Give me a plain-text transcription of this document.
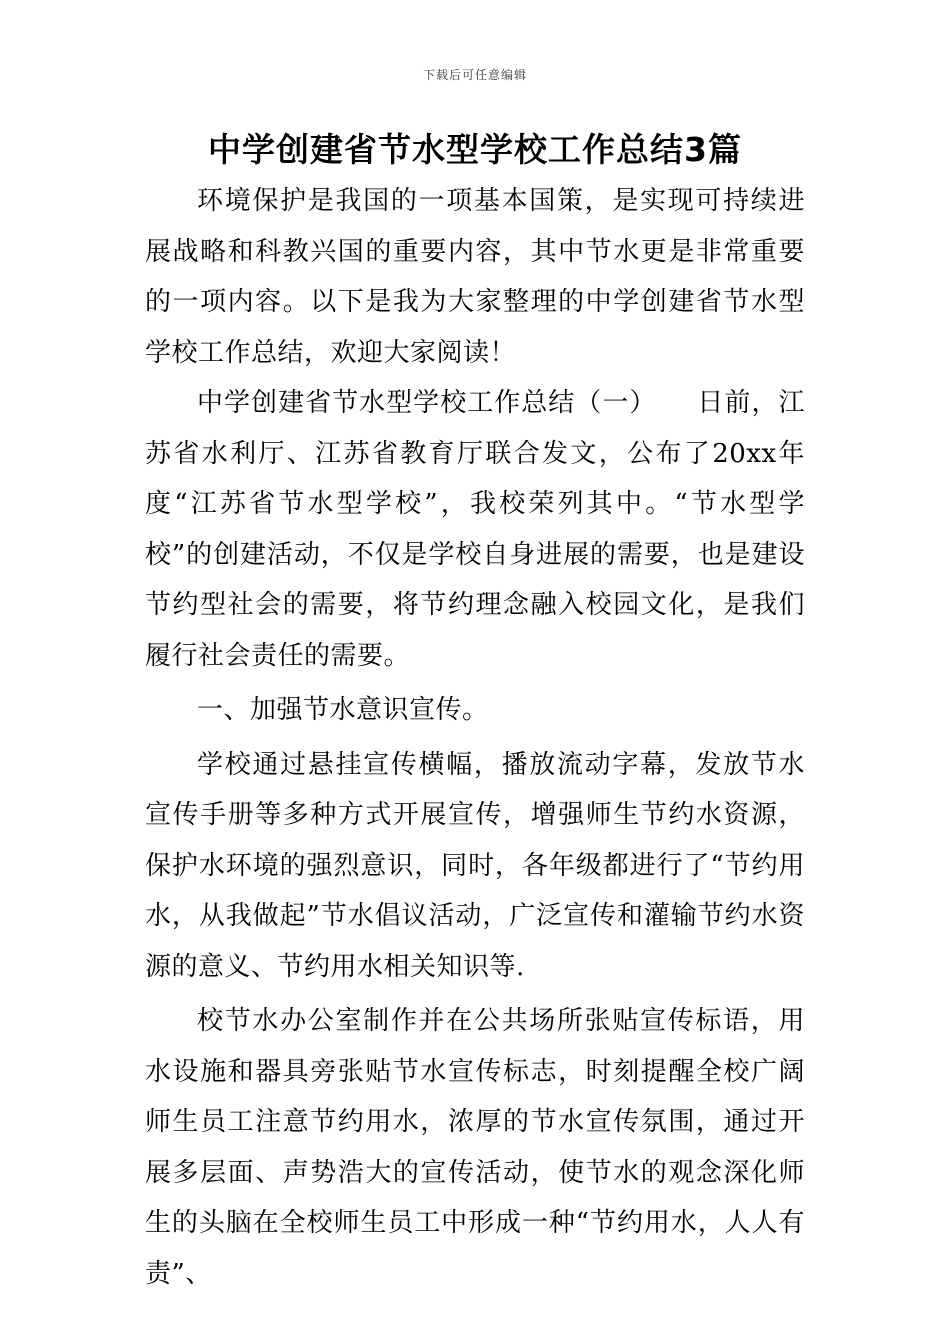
下载后可任意编辑
中学创建省节水型学校工作总结3篇

环境保护是我国的一项基本国策，是实现可持续进展战略和科教兴国的重要内容，其中节水更是非常重要的一项内容。以下是我为大家整理的中学创建省节水型学校工作总结，欢迎大家阅读！

中学创建省节水型学校工作总结（一）　　日前，江苏省水利厅、江苏省教育厅联合发文，公布了20xx年度“江苏省节水型学校”，我校荣列其中。“节水型学校”的创建活动，不仅是学校自身进展的需要，也是建设节约型社会的需要，将节约理念融入校园文化，是我们履行社会责任的需要。

一、加强节水意识宣传。

学校通过悬挂宣传横幅，播放流动字幕，发放节水宣传手册等多种方式开展宣传，增强师生节约水资源，保护水环境的强烈意识，同时，各年级都进行了“节约用水，从我做起”节水倡议活动，广泛宣传和灌输节约水资源的意义、节约用水相关知识等.

校节水办公室制作并在公共场所张贴宣传标语，用水设施和器具旁张贴节水宣传标志，时刻提醒全校广阔师生员工注意节约用水，浓厚的节水宣传氛围，通过开展多层面、声势浩大的宣传活动，使节水的观念深化师生的头脑在全校师生员工中形成一种“节约用水，人人有责”、
